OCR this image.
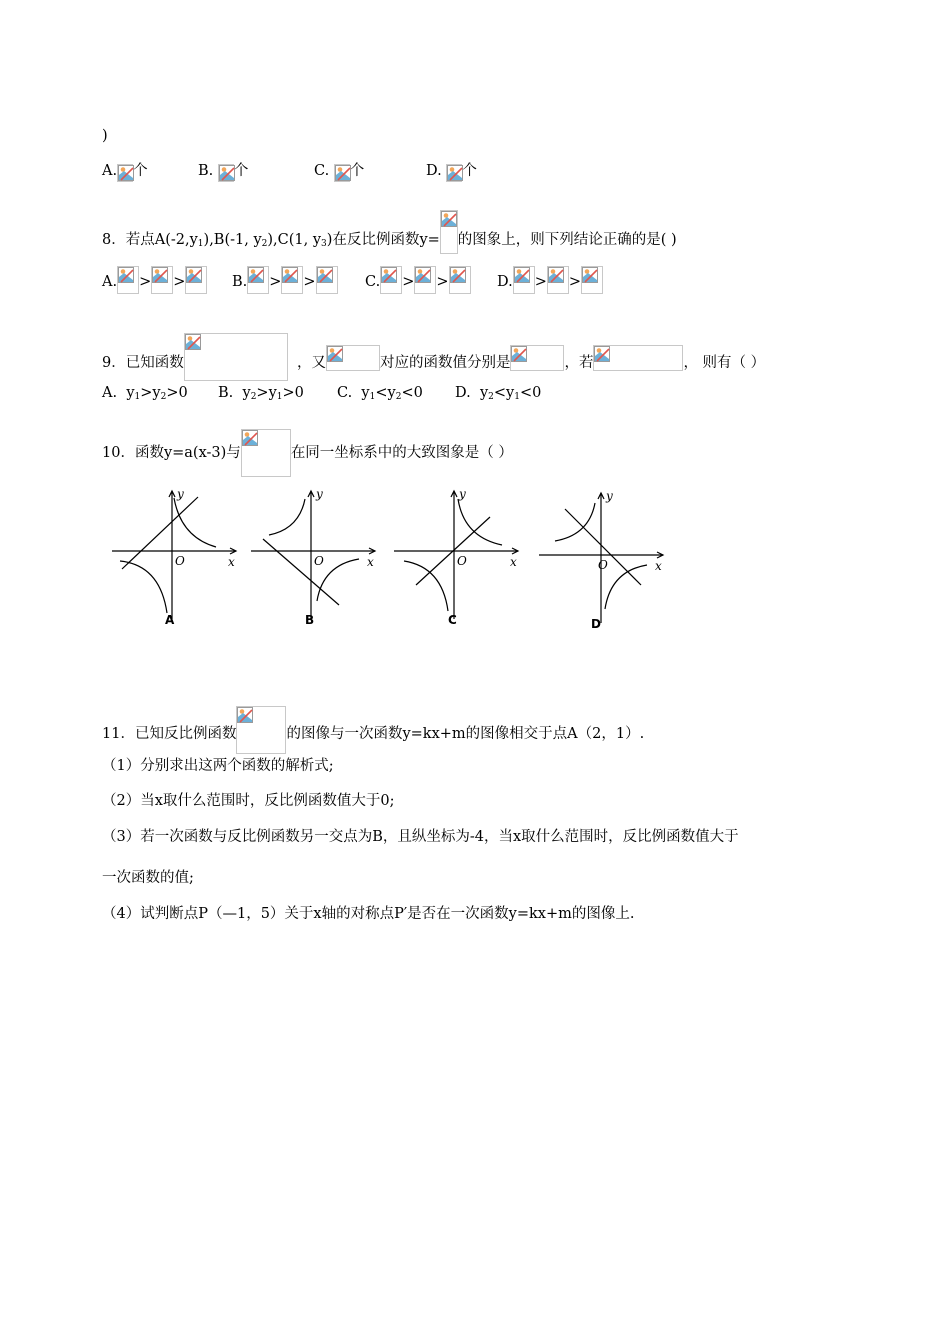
)
A. 个	B. 个	C. 个	D. 个
8．若点$A(-2,y_1),B(-1$, $y_2),C(1$, $y_3$)在反比例函数y= 的图象上，则下列结论正确的是( )
A. > >	B. > >	C. > >	D. > >
9．已知函数	，又	对应的函数值分别是	，若	， 则有（ ）
A. $y_1>y_2>0$ B. $y_2>y_1>0$ C. $y_1<y_2<0$ D. $y_2<y_1<0$
10．函数y=a(x-3)与	在同一坐标系中的大致图象是（ ）
y
x
O
A
y
x
O
B
y
x
O
C
y
x
O
D
11．已知反比例函数	的图像与一次函数y=kx+m的图像相交于点A（2，1）.
（1）分别求出这两个函数的解析式;
（2）当x取什么范围时，反比例函数值大于0;
（3）若一次函数与反比例函数另一交点为B，且纵坐标为-4，当x取什么范围时，反比例函数值大于
一次函数的值;
（4）试判断点P（—1，5）关于x轴的对称点P′是否在一次函数y=kx+m的图像上.
